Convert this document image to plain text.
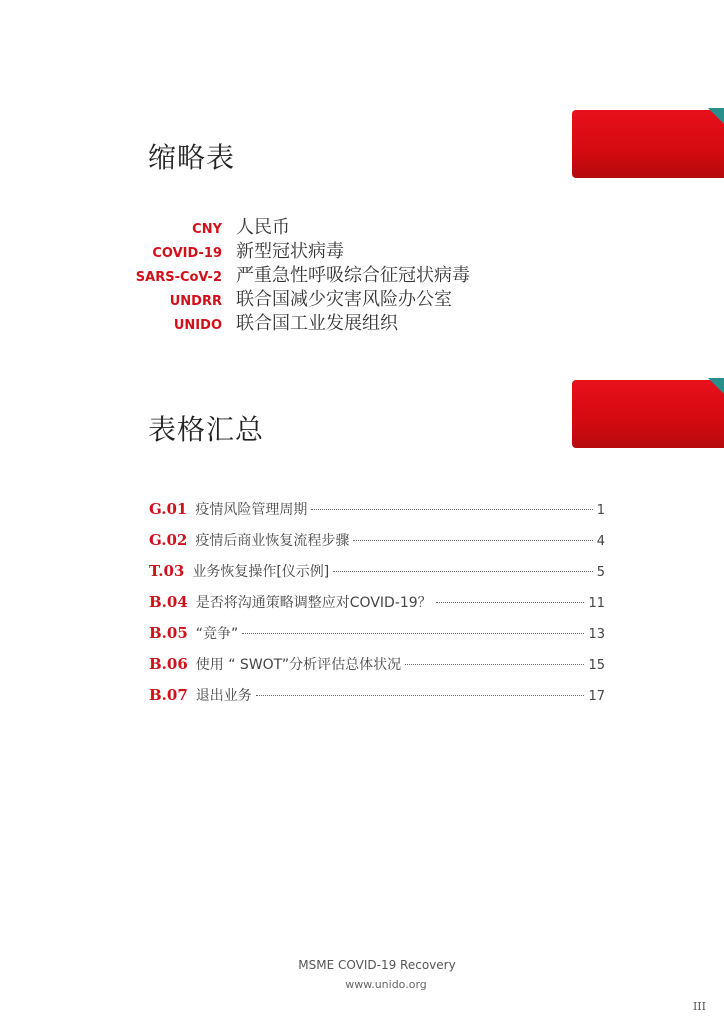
缩略表
CNY 人民币
COVID-19 新型冠状病毒
SARS-CoV-2 严重急性呼吸综合征冠状病毒
UNDRR 联合国减少灾害风险办公室
UNIDO 联合国工业发展组织
表格汇总
G.01 疫情风险管理周期	1
G.02 疫情后商业恢复流程步骤	4
T.03 业务恢复操作[仪示例]	5
B.04 是否将沟通策略调整应对COVID-19？	11
B.05 “竞争”	13
B.06 使用 “ SWOT”分析评估总体状况	15
B.07 退出业务	17
MSME COVID-19 Recovery
www.unido.org
III
